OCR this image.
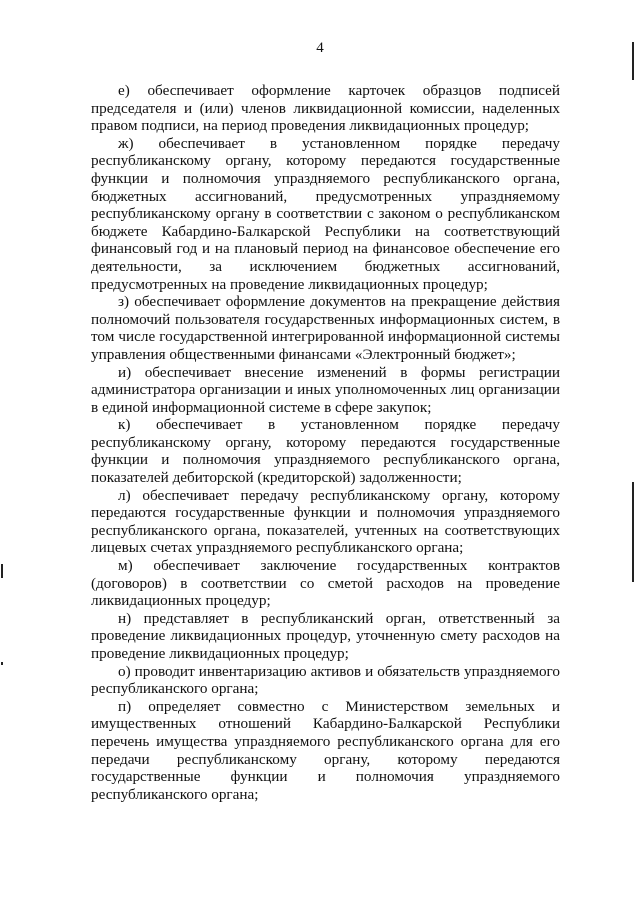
4

е) обеспечивает оформление карточек образцов подписей председателя и (или) членов ликвидационной комиссии, наделенных правом подписи, на период проведения ликвидационных процедур;

ж) обеспечивает в установленном порядке передачу республиканскому органу, которому передаются государственные функции и полномочия упраздняемого республиканского органа, бюджетных ассигнований, предусмотренных упраздняемому республиканскому органу в соответствии с законом о республиканском бюджете Кабардино-Балкарской Республики на соответствующий финансовый год и на плановый период на финансовое обеспечение его деятельности, за исключением бюджетных ассигнований, предусмотренных на проведение ликвидационных процедур;

з) обеспечивает оформление документов на прекращение действия полномочий пользователя государственных информационных систем, в том числе государственной интегрированной информационной системы управления общественными финансами «Электронный бюджет»;

и) обеспечивает внесение изменений в формы регистрации администратора организации и иных уполномоченных лиц организации в единой информационной системе в сфере закупок;

к) обеспечивает в установленном порядке передачу республиканскому органу, которому передаются государственные функции и полномочия упраздняемого республиканского органа, показателей дебиторской (кредиторской) задолженности;

л) обеспечивает передачу республиканскому органу, которому передаются государственные функции и полномочия упраздняемого республиканского органа, показателей, учтенных на соответствующих лицевых счетах упраздняемого республиканского органа;

м) обеспечивает заключение государственных контрактов (договоров) в соответствии со сметой расходов на проведение ликвидационных процедур;

н) представляет в республиканский орган, ответственный за проведение ликвидационных процедур, уточненную смету расходов на проведение ликвидационных процедур;

о) проводит инвентаризацию активов и обязательств упраздняемого республиканского органа;

п) определяет совместно с Министерством земельных и имущественных отношений Кабардино-Балкарской Республики перечень имущества упраздняемого республиканского органа для его передачи республиканскому органу, которому передаются государственные функции и полномочия упраздняемого республиканского органа;
